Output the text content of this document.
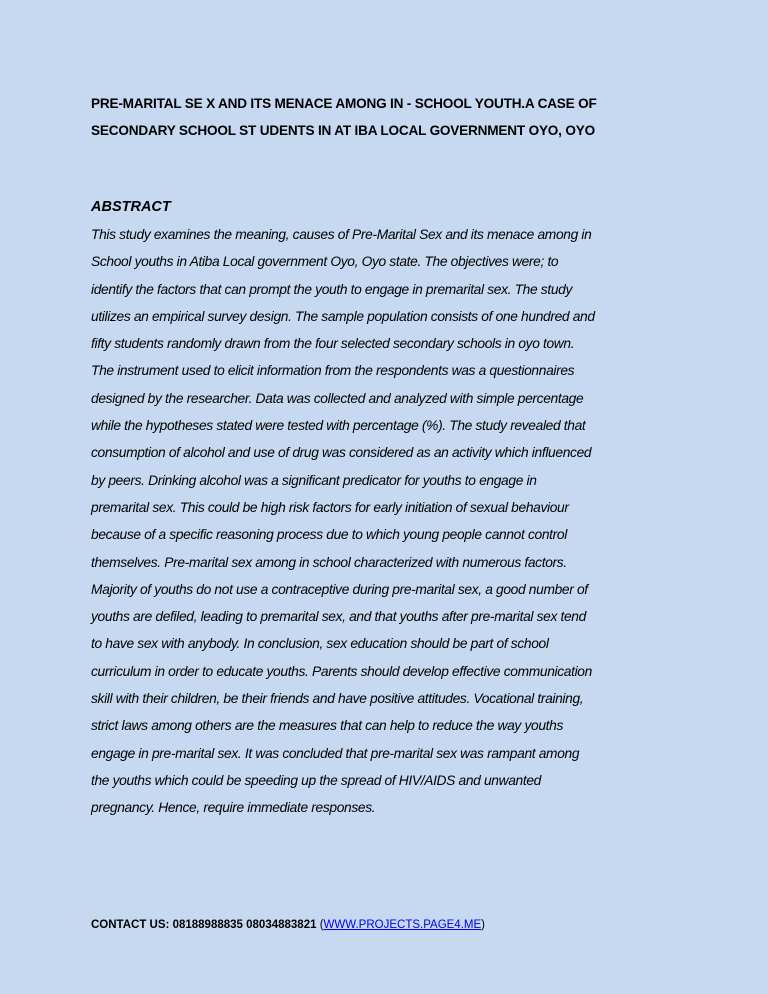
PRE-MARITAL SE X AND ITS MENACE AMONG IN - SCHOOL YOUTH.A CASE OF
SECONDARY SCHOOL ST UDENTS IN AT IBA LOCAL GOVERNMENT OYO, OYO
ABSTRACT
This study examines the meaning, causes of Pre-Marital Sex and its menace among in
School youths in Atiba Local government Oyo, Oyo state. The objectives were; to
identify the factors that can prompt the youth to engage in premarital sex. The study
utilizes an empirical survey design. The sample population consists of one hundred and
fifty students randomly drawn from the four selected secondary schools in oyo town.
The instrument used to elicit information from the respondents was a questionnaires
designed by the researcher. Data was collected and analyzed with simple percentage
while the hypotheses stated were tested with percentage (%). The study revealed that
consumption of alcohol and use of drug was considered as an activity which influenced
by peers. Drinking alcohol was a significant predicator for youths to engage in
premarital sex. This could be high risk factors for early initiation of sexual behaviour
because of a specific reasoning process due to which young people cannot control
themselves. Pre-marital sex among in school characterized with numerous factors.
Majority of youths do not use a contraceptive during pre-marital sex, a good number of
youths are defiled, leading to premarital sex, and that youths after pre-marital sex tend
to have sex with anybody. In conclusion, sex education should be part of school
curriculum in order to educate youths. Parents should develop effective communication
skill with their children, be their friends and have positive attitudes. Vocational training,
strict laws among others are the measures that can help to reduce the way youths
engage in pre-marital sex. It was concluded that pre-marital sex was rampant among
the youths which could be speeding up the spread of HIV/AIDS and unwanted
pregnancy. Hence, require immediate responses.
CONTACT US: 08188988835 08034883821 (WWW.PROJECTS.PAGE4.ME)
